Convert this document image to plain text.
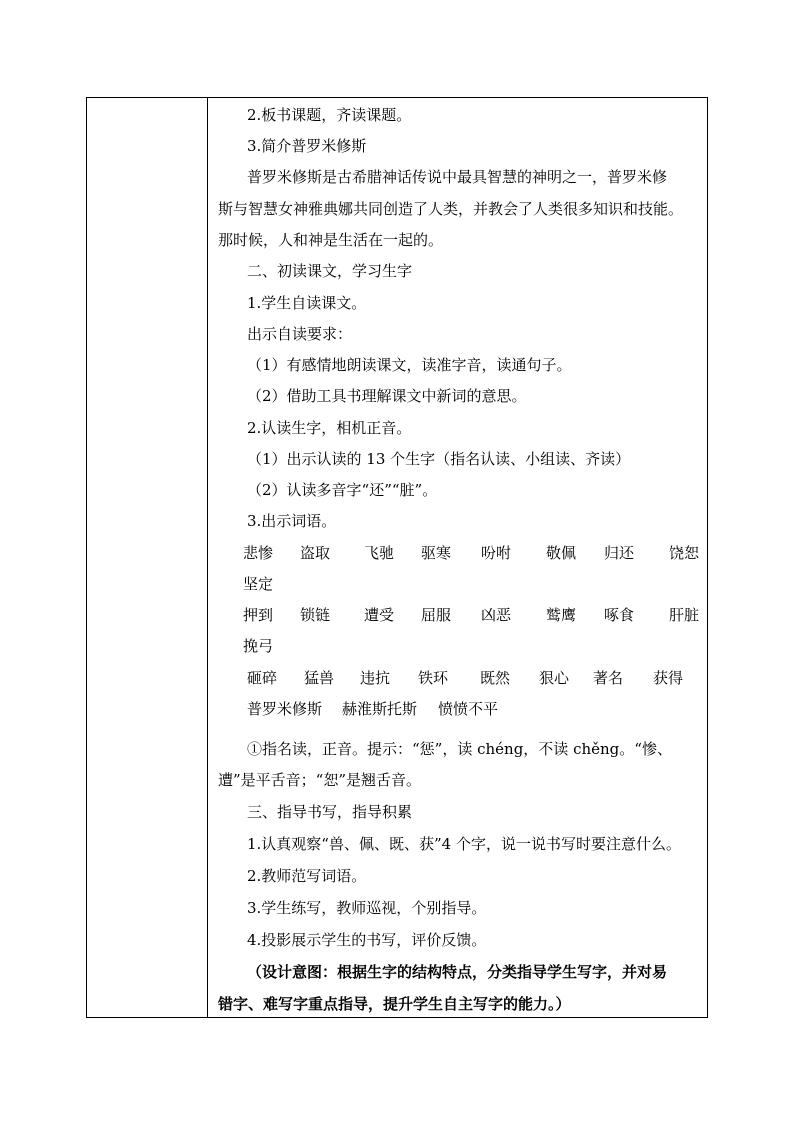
2.板书课题，齐读课题。
3.简介普罗米修斯
普罗米修斯是古希腊神话传说中最具智慧的神明之一，普罗米修
斯与智慧女神雅典娜共同创造了人类，并教会了人类很多知识和技能。
那时候，人和神是生活在一起的。
二、初读课文，学习生字
1.学生自读课文。
出示自读要求：
（1）有感情地朗读课文，读准字音，读通句子。
（2）借助工具书理解课文中新词的意思。
2.认读生字，相机正音。
（1）出示认读的 13 个生字（指名认读、小组读、齐读）
（2）认读多音字“还”“脏”。
3.出示词语。
悲惨 盗取 飞驰 驱寒 吩咐 敬佩 归还 饶恕
坚定
押到 锁链 遭受 屈服 凶恶 鹫鹰 啄食 肝脏
挽弓
砸碎 猛兽 违抗 铁环 既然 狠心 著名 获得
普罗米修斯 赫淮斯托斯 愤愤不平
①指名读，正音。提示：“惩”，读 chéng，不读 chěng。“惨、
遭”是平舌音；“恕”是翘舌音。
三、指导书写，指导积累
1.认真观察“兽、佩、既、获”4 个字，说一说书写时要注意什么。
2.教师范写词语。
3.学生练写，教师巡视，个别指导。
4.投影展示学生的书写，评价反馈。
（设计意图：根据生字的结构特点，分类指导学生写字，并对易
错字、难写字重点指导，提升学生自主写字的能力。）
